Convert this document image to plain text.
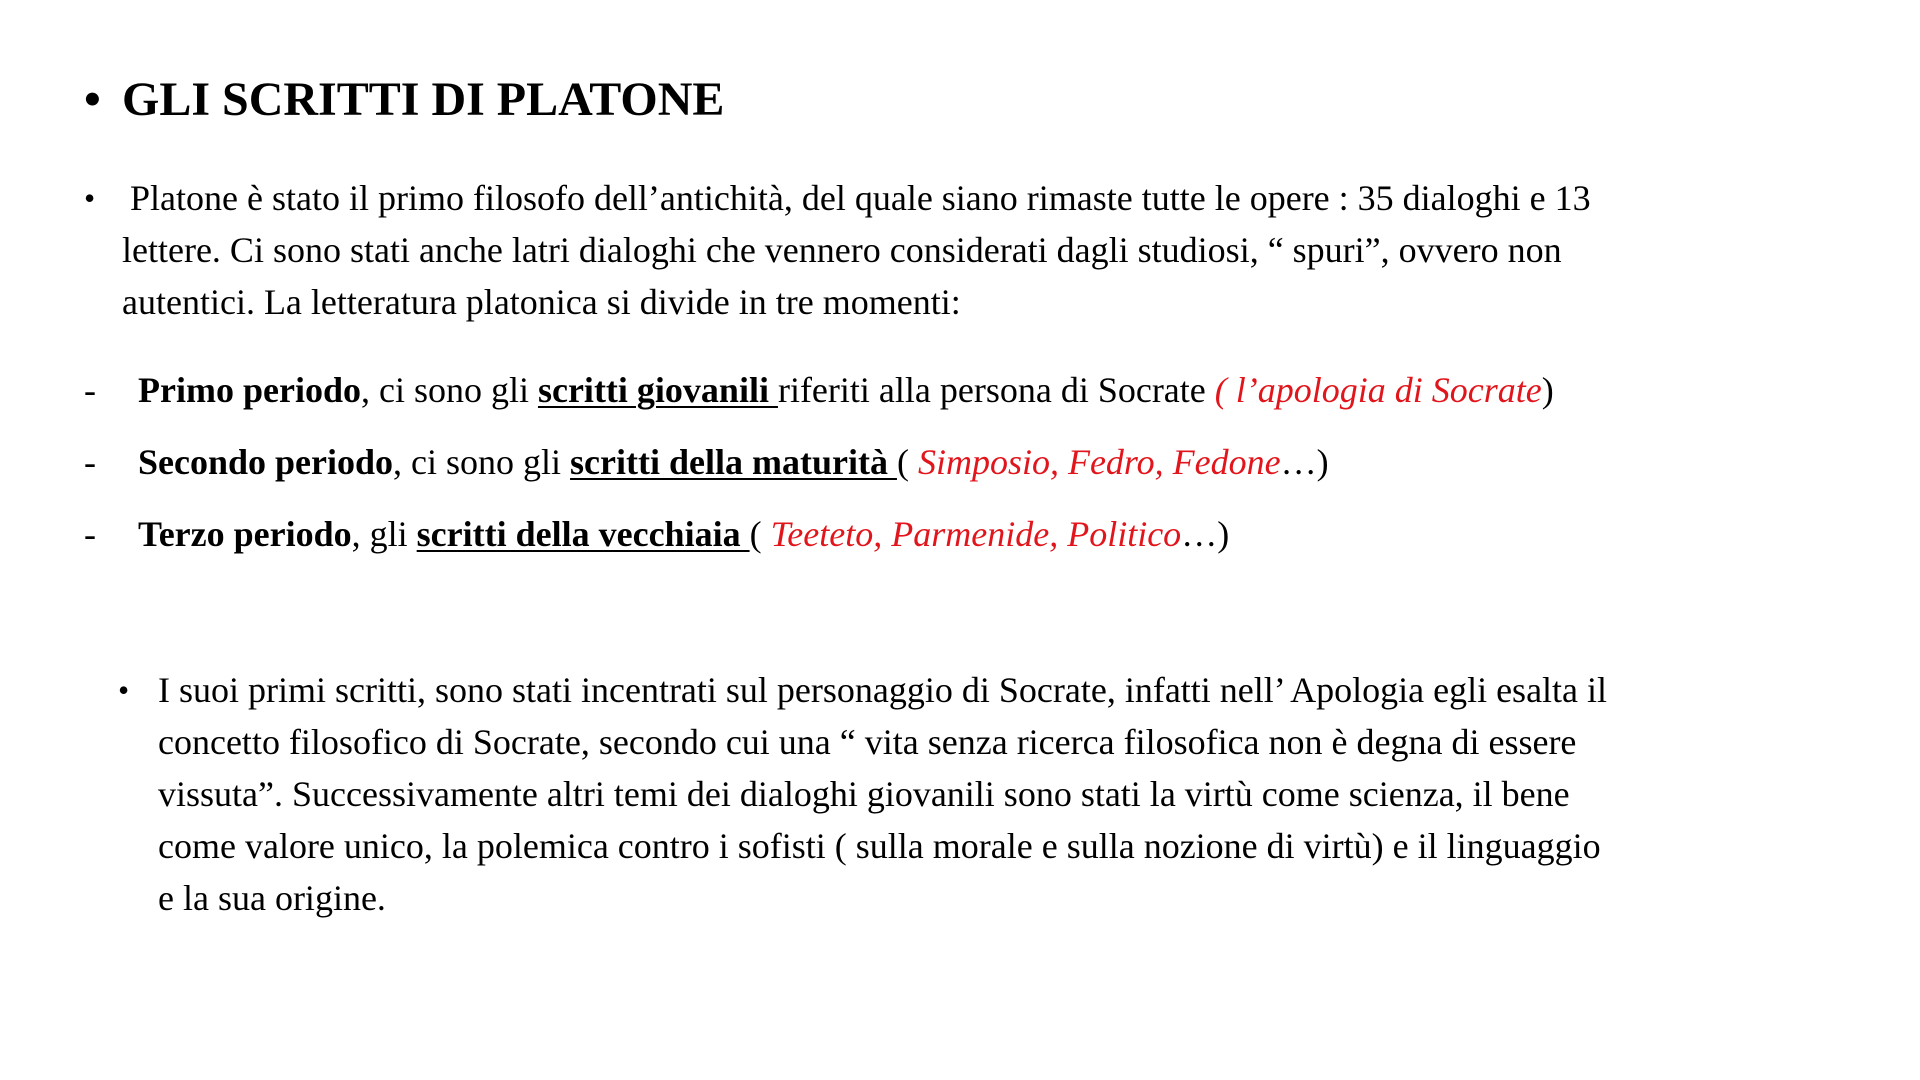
• GLI SCRITTI DI PLATONE
• Platone è stato il primo filosofo dell’antichità, del quale siano rimaste tutte le opere : 35 dialoghi e 13
lettere. Ci sono stati anche latri dialoghi che vennero considerati dagli studiosi, “ spuri”, ovvero non
autentici. La letteratura platonica si divide in tre momenti:
-	Primo periodo, ci sono gli scritti giovanili riferiti alla persona di Socrate ( l’apologia di Socrate)
-	Secondo periodo, ci sono gli scritti della maturità ( Simposio, Fedro, Fedone…)
-	Terzo periodo, gli scritti della vecchiaia ( Teeteto, Parmenide, Politico…)
• I suoi primi scritti, sono stati incentrati sul personaggio di Socrate, infatti nell’ Apologia egli esalta il
concetto filosofico di Socrate, secondo cui una “ vita senza ricerca filosofica non è degna di essere
vissuta”. Successivamente altri temi dei dialoghi giovanili sono stati la virtù come scienza, il bene
come valore unico, la polemica contro i sofisti ( sulla morale e sulla nozione di virtù) e il linguaggio
e la sua origine.
